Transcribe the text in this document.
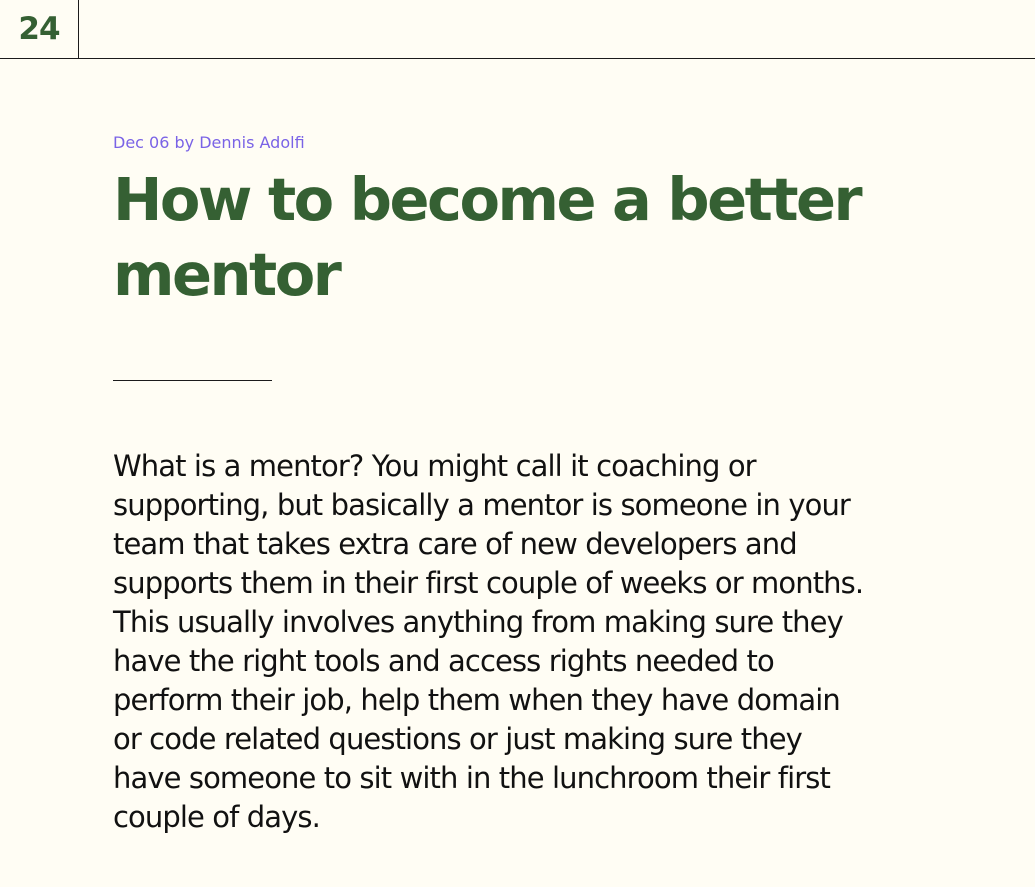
24

Dec 06 by Dennis Adolfi

How to become a better mentor

What is a mentor? You might call it coaching or supporting, but basically a mentor is someone in your team that takes extra care of new developers and supports them in their first couple of weeks or months. This usually involves anything from making sure they have the right tools and access rights needed to perform their job, help them when they have domain or code related questions or just making sure they have someone to sit with in the lunchroom their first couple of days.
